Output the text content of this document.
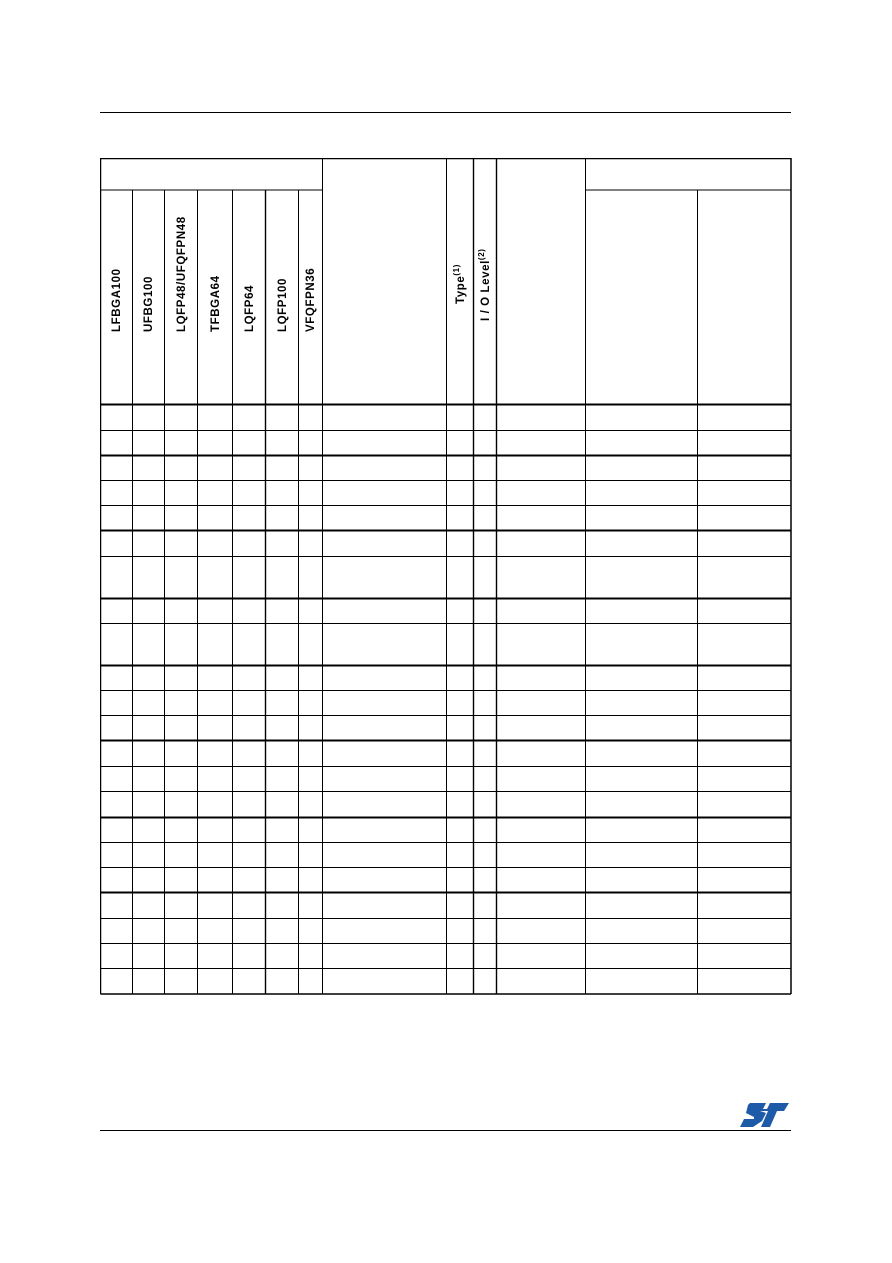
LFBGA100 UFBG100 LQFP48/UFQFPN48 TFBGA64 LQFP64 LQFP100 VFQFPN36	Type$^{(1)}$	I / O Level$^{(2)}$
